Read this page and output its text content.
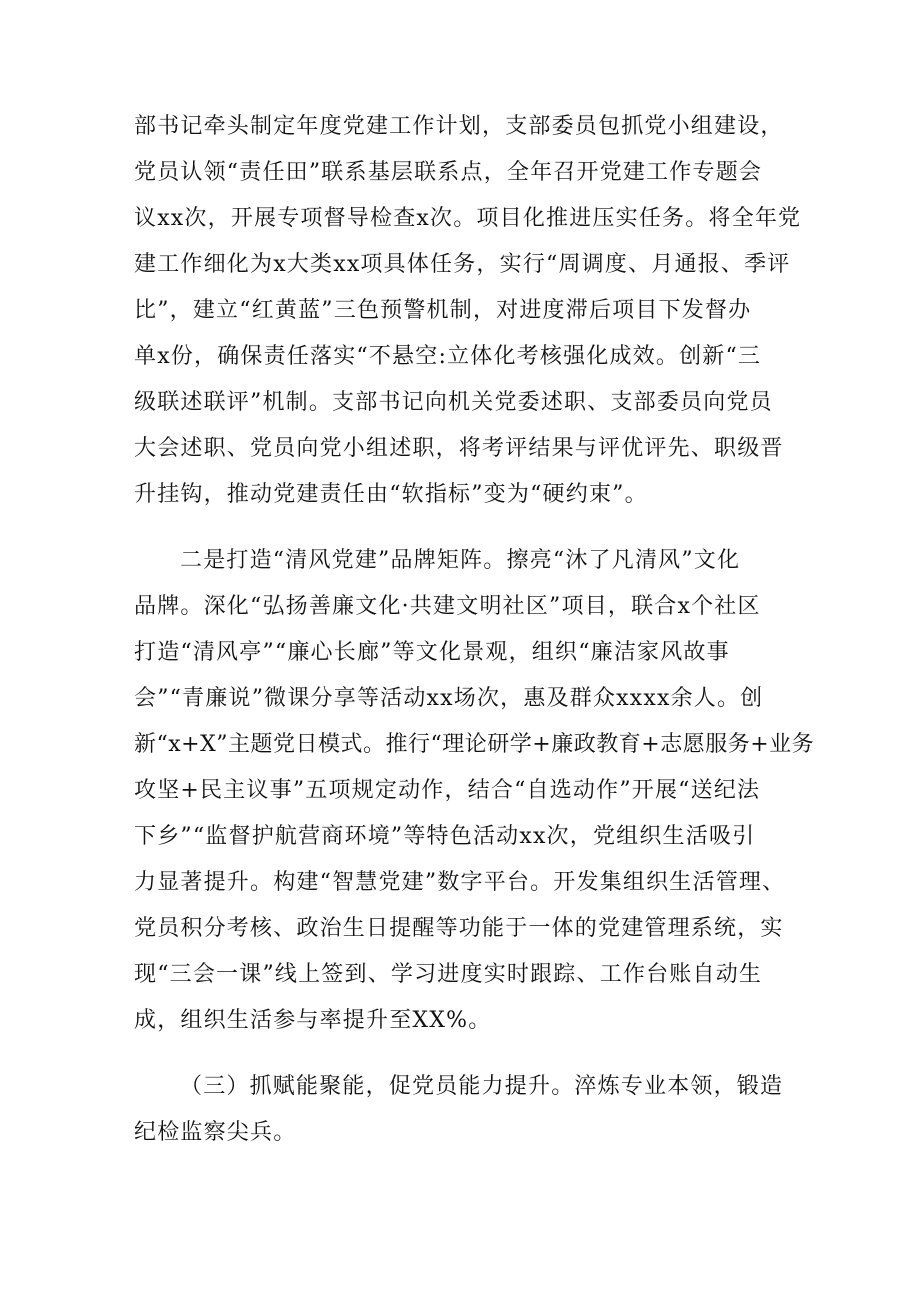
部书记牵头制定年度党建工作计划，支部委员包抓党小组建设，
党员认领“责任田”联系基层联系点，全年召开党建工作专题会
议xx次，开展专项督导检查x次。项目化推进压实任务。将全年党
建工作细化为x大类xx项具体任务，实行“周调度、月通报、季评
比”，建立“红黄蓝”三色预警机制，对进度滞后项目下发督办
单x份，确保责任落实“不悬空:立体化考核强化成效。创新“三
级联述联评”机制。支部书记向机关党委述职、支部委员向党员
大会述职、党员向党小组述职，将考评结果与评优评先、职级晋
升挂钩，推动党建责任由“软指标”变为“硬约束”。
二是打造“清风党建”品牌矩阵。擦亮“沐了凡清风”文化
品牌。深化“弘扬善廉文化·共建文明社区”项目，联合x个社区
打造“清风亭”“廉心长廊”等文化景观，组织“廉洁家风故事
会”“青廉说”微课分享等活动xx场次，惠及群众xxxx余人。创
新“x+X”主题党日模式。推行“理论研学+廉政教育+志愿服务+业务
攻坚+民主议事”五项规定动作，结合“自选动作”开展“送纪法
下乡”“监督护航营商环境”等特色活动xx次，党组织生活吸引
力显著提升。构建“智慧党建”数字平台。开发集组织生活管理、
党员积分考核、政治生日提醒等功能于一体的党建管理系统，实
现“三会一课”线上签到、学习进度实时跟踪、工作台账自动生
成，组织生活参与率提升至XX%。
（三）抓赋能聚能，促党员能力提升。淬炼专业本领，锻造
纪检监察尖兵。
